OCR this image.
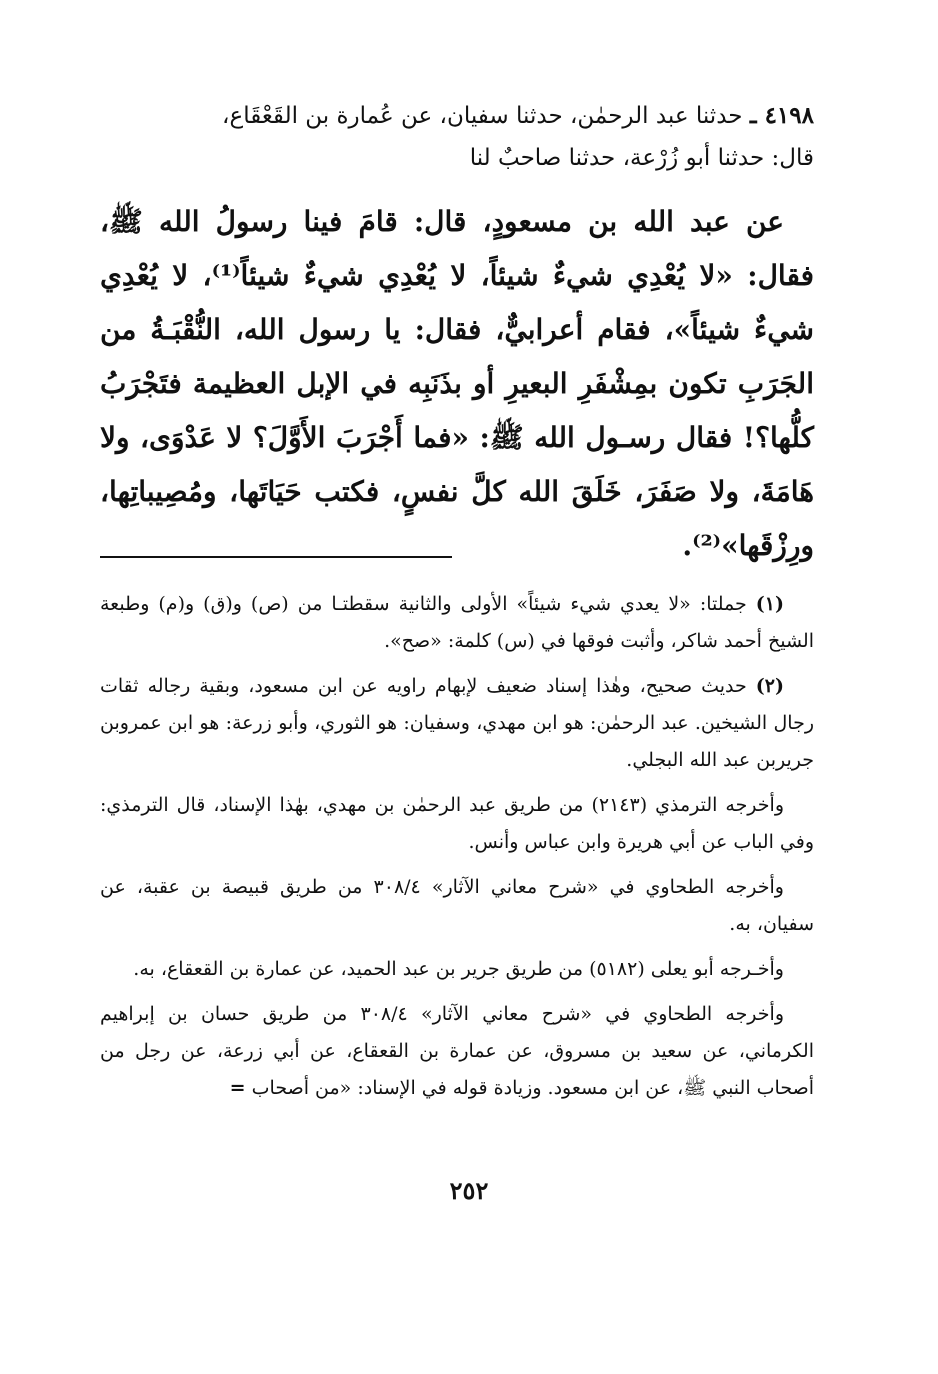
٤١٩٨ ـ حدثنا عبد الرحمٰن، حدثنا سفيان، عن عُمارة بن القَعْقَاع،

قال: حدثنا أبو زُرْعة، حدثنا صاحبٌ لنا

عن عبد الله بن مسعودٍ، قال: قامَ فينا رسولُ الله ﷺ، فقال: «لا يُعْدِي شيءٌ شيئاً، لا يُعْدِي شيءٌ شيئاً⁽¹⁾، لا يُعْدِي شيءٌ شيئاً»، فقام أعرابيٌّ، فقال: يا رسول الله، النُّقْبَـةُ من الجَرَبِ تكون بمِشْفَرِ البعيرِ أو بذَنَبِه في الإبل العظيمة فتَجْرَبُ كلُّها؟! فقال رسـول الله ﷺ: «فما أَجْرَبَ الأَوَّلَ؟ لا عَدْوَى، ولا هَامَةَ، ولا صَفَرَ، خَلَقَ الله كلَّ نفسٍ، فكتب حَيَاتَها، ومُصِيباتِها، ورِزْقَها»⁽²⁾.

(١) جملتا: «لا يعدي شيء شيئاً» الأولى والثانية سقطتـا من (ص) و(ق) و(م) وطبعة الشيخ أحمد شاكر، وأثبت فوقها في (س) كلمة: «صح».

(٢) حديث صحيح، وهٰذا إسناد ضعيف لإبهام راويه عن ابن مسعود، وبقية رجاله ثقات رجال الشيخين. عبد الرحمٰن: هو ابن مهدي، وسفيان: هو الثوري، وأبو زرعة: هو ابن عمروبن جريربن عبد الله البجلي.

وأخرجه الترمذي (٢١٤٣) من طريق عبد الرحمٰن بن مهدي، بهٰذا الإسناد، قال الترمذي: وفي الباب عن أبي هريرة وابن عباس وأنس.

وأخرجه الطحاوي في «شرح معاني الآثار» ٣٠٨/٤ من طريق قبيصة بن عقبة، عن سفيان، به.

وأخـرجه أبو يعلى (٥١٨٢) من طريق جرير بن عبد الحميد، عن عمارة بن القعقاع، به.

وأخرجه الطحاوي في «شرح معاني الآثار» ٣٠٨/٤ من طريق حسان بن إبراهيم الكرماني، عن سعيد بن مسروق، عن عمارة بن القعقاع، عن أبي زرعة، عن رجل من أصحاب النبي ﷺ، عن ابن مسعود. وزيادة قوله في الإسناد: «من أصحاب =

٢٥٢
